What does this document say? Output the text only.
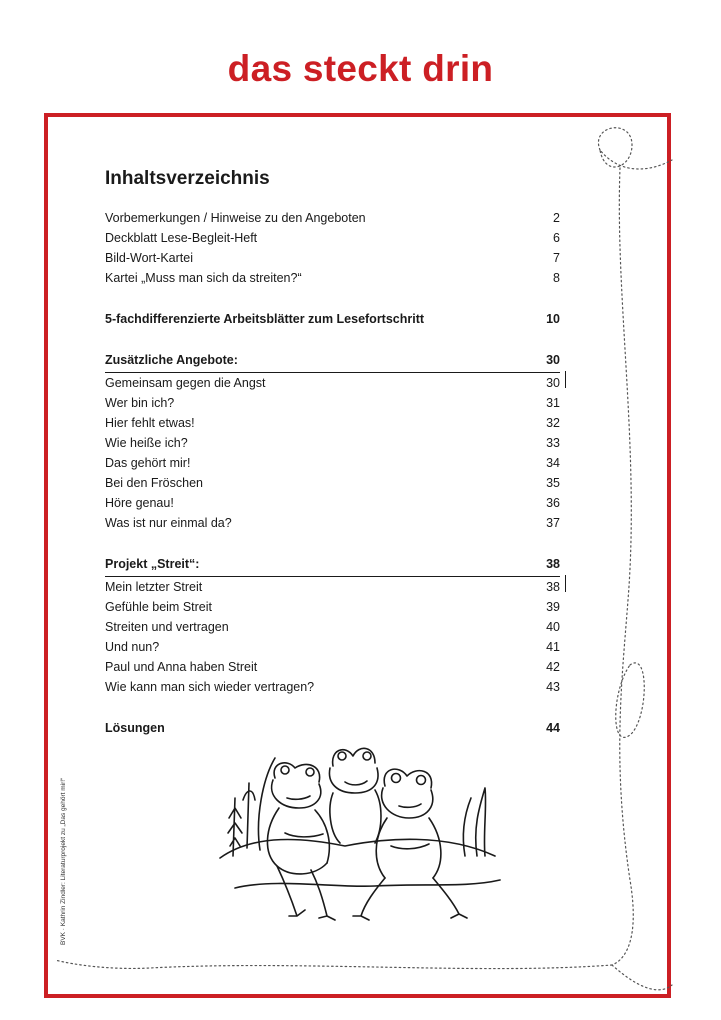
das steckt drin
Inhaltsverzeichnis
Vorbemerkungen / Hinweise zu den Angeboten	2
Deckblatt Lese-Begleit-Heft	6
Bild-Wort-Kartei	7
Kartei „Muss man sich da streiten?“	8
5-fachdifferenzierte Arbeitsblätter zum Lesefortschritt	10
Zusätzliche Angebote:	30
Gemeinsam gegen die Angst	30
Wer bin ich?	31
Hier fehlt etwas!	32
Wie heiße ich?	33
Das gehört mir!	34
Bei den Fröschen	35
Höre genau!	36
Was ist nur einmal da?	37
Projekt „Streit“:	38
Mein letzter Streit	38
Gefühle beim Streit	39
Streiten und vertragen	40
Und nun?	41
Paul und Anna haben Streit	42
Wie kann man sich wieder vertragen?	43
Lösungen	44
BVK · Kathrin Zindler: Literaturprojekt zu „Das gehört mir!“
